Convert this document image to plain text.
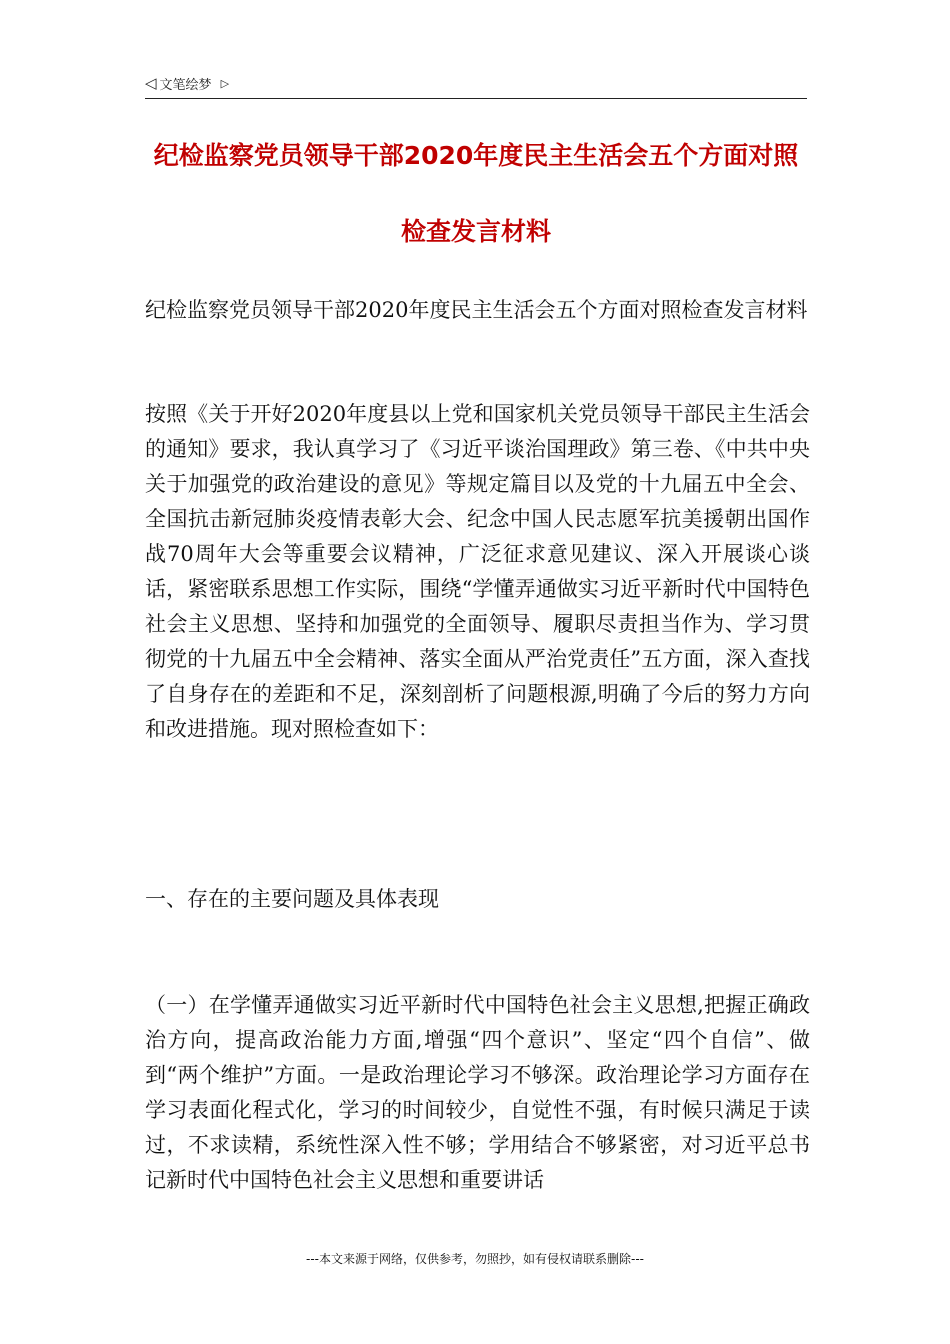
◁ 文笔绘梦 ▷
纪检监察党员领导干部2020年度民主生活会五个方面对照
检查发言材料

纪检监察党员领导干部2020年度民主生活会五个方面对照检查发言材料

按照《关于开好2020年度县以上党和国家机关党员领导干部民主生活会的通知》要求，我认真学习了《习近平谈治国理政》第三卷、《中共中央关于加强党的政治建设的意见》等规定篇目以及党的十九届五中全会、全国抗击新冠肺炎疫情表彰大会、纪念中国人民志愿军抗美援朝出国作战70周年大会等重要会议精神，广泛征求意见建议、深入开展谈心谈话，紧密联系思想工作实际，围绕“学懂弄通做实习近平新时代中国特色社会主义思想、坚持和加强党的全面领导、履职尽责担当作为、学习贯彻党的十九届五中全会精神、落实全面从严治党责任”五方面，深入查找了自身存在的差距和不足，深刻剖析了问题根源,明确了今后的努力方向和改进措施。现对照检查如下：

一、存在的主要问题及具体表现

（一）在学懂弄通做实习近平新时代中国特色社会主义思想,把握正确政治方向，提高政治能力方面,增强“四个意识”、坚定“四个自信”、做到“两个维护”方面。一是政治理论学习不够深。政治理论学习方面存在学习表面化程式化，学习的时间较少，自觉性不强，有时候只满足于读过，不求读精，系统性深入性不够；学用结合不够紧密，对习近平总书记新时代中国特色社会主义思想和重要讲话

---本文来源于网络，仅供参考，勿照抄，如有侵权请联系删除---
